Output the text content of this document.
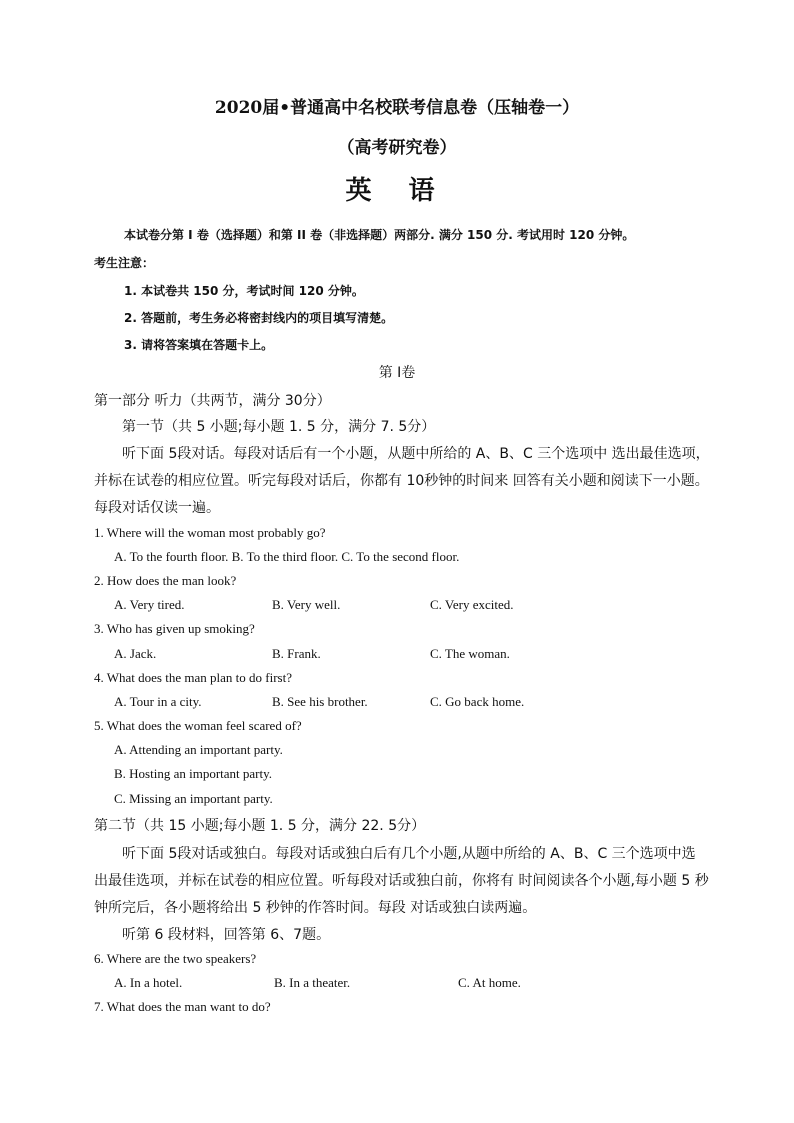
2020届•普通高中名校联考信息卷（压轴卷一）
（高考研究卷）
英 语
本试卷分第 I 卷（选择题）和第 II 卷（非选择题）两部分. 满分 150 分. 考试用时 120 分钟。
考生注意：
1. 本试卷共 150 分，考试时间 120 分钟。
2. 答题前，考生务必将密封线内的项目填写清楚。
3. 请将答案填在答题卡上。
第 I卷
第一部分 听力（共两节，满分 30分）
第一节（共 5 小题;每小题 1. 5 分，满分 7. 5分）
听下面 5段对话。每段对话后有一个小题，从题中所给的 A、B、C 三个选项中 选出最佳选项，
并标在试卷的相应位置。听完每段对话后，你都有 10秒钟的时间来 回答有关小题和阅读下一小题。
每段对话仅读一遍。
1. Where will the woman most probably go?
A. To the fourth floor. B. To the third floor. C. To the second floor.
2. How does the man look?
A. Very tired.	B. Very well.	C. Very excited.
3. Who has given up smoking?
A. Jack.	B. Frank.	C. The woman.
4. What does the man plan to do first?
A. Tour in a city.	B. See his brother.	C. Go back home.
5. What does the woman feel scared of?
A. Attending an important party.
B. Hosting an important party.
C. Missing an important party.
第二节（共 15 小题;每小题 1. 5 分，满分 22. 5分）
听下面 5段对话或独白。每段对话或独白后有几个小题,从题中所给的 A、B、C 三个选项中选
出最佳选项，并标在试卷的相应位置。听每段对话或独白前，你将有 时间阅读各个小题,每小题 5 秒
钟所完后，各小题将给出 5 秒钟的作答时间。每段 对话或独白读两遍。
听第 6 段材料，回答第 6、7题。
6. Where are the two speakers?
A. In a hotel.	B. In a theater.	C. At home.
7. What does the man want to do?
